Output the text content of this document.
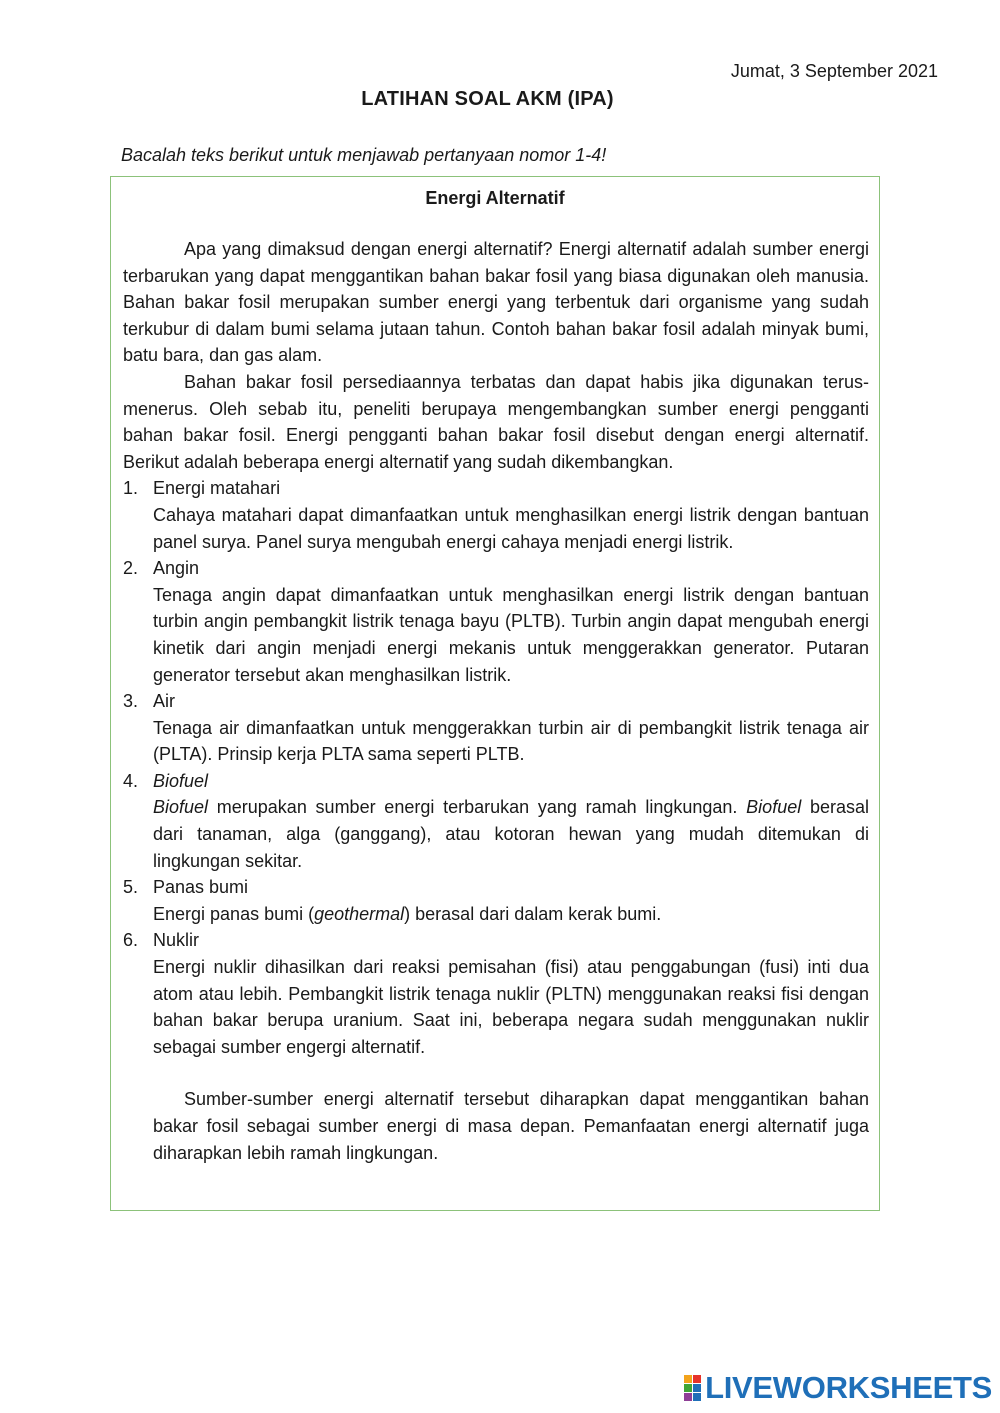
Jumat, 3 September 2021
LATIHAN SOAL AKM (IPA)
Bacalah teks berikut untuk menjawab pertanyaan nomor 1-4!
Energi Alternatif

Apa yang dimaksud dengan energi alternatif? Energi alternatif adalah sumber energi terbarukan yang dapat menggantikan bahan bakar fosil yang biasa digunakan oleh manusia. Bahan bakar fosil merupakan sumber energi yang terbentuk dari organisme yang sudah terkubur di dalam bumi selama jutaan tahun. Contoh bahan bakar fosil adalah minyak bumi, batu bara, dan gas alam.

Bahan bakar fosil persediaannya terbatas dan dapat habis jika digunakan terus-menerus. Oleh sebab itu, peneliti berupaya mengembangkan sumber energi pengganti bahan bakar fosil. Energi pengganti bahan bakar fosil disebut dengan energi alternatif. Berikut adalah beberapa energi alternatif yang sudah dikembangkan.

1. Energi matahari
Cahaya matahari dapat dimanfaatkan untuk menghasilkan energi listrik dengan bantuan panel surya. Panel surya mengubah energi cahaya menjadi energi listrik.
2. Angin
Tenaga angin dapat dimanfaatkan untuk menghasilkan energi listrik dengan bantuan turbin angin pembangkit listrik tenaga bayu (PLTB). Turbin angin dapat mengubah energi kinetik dari angin menjadi energi mekanis untuk menggerakkan generator. Putaran generator tersebut akan menghasilkan listrik.
3. Air
Tenaga air dimanfaatkan untuk menggerakkan turbin air di pembangkit listrik tenaga air (PLTA). Prinsip kerja PLTA sama seperti PLTB.
4. Biofuel
Biofuel merupakan sumber energi terbarukan yang ramah lingkungan. Biofuel berasal dari tanaman, alga (ganggang), atau kotoran hewan yang mudah ditemukan di lingkungan sekitar.
5. Panas bumi
Energi panas bumi (geothermal) berasal dari dalam kerak bumi.
6. Nuklir
Energi nuklir dihasilkan dari reaksi pemisahan (fisi) atau penggabungan (fusi) inti dua atom atau lebih. Pembangkit listrik tenaga nuklir (PLTN) menggunakan reaksi fisi dengan bahan bakar berupa uranium. Saat ini, beberapa negara sudah menggunakan nuklir sebagai sumber engergi alternatif.

Sumber-sumber energi alternatif tersebut diharapkan dapat menggantikan bahan bakar fosil sebagai sumber energi di masa depan. Pemanfaatan energi alternatif juga diharapkan lebih ramah lingkungan.

LIVEWORKSHEETS
